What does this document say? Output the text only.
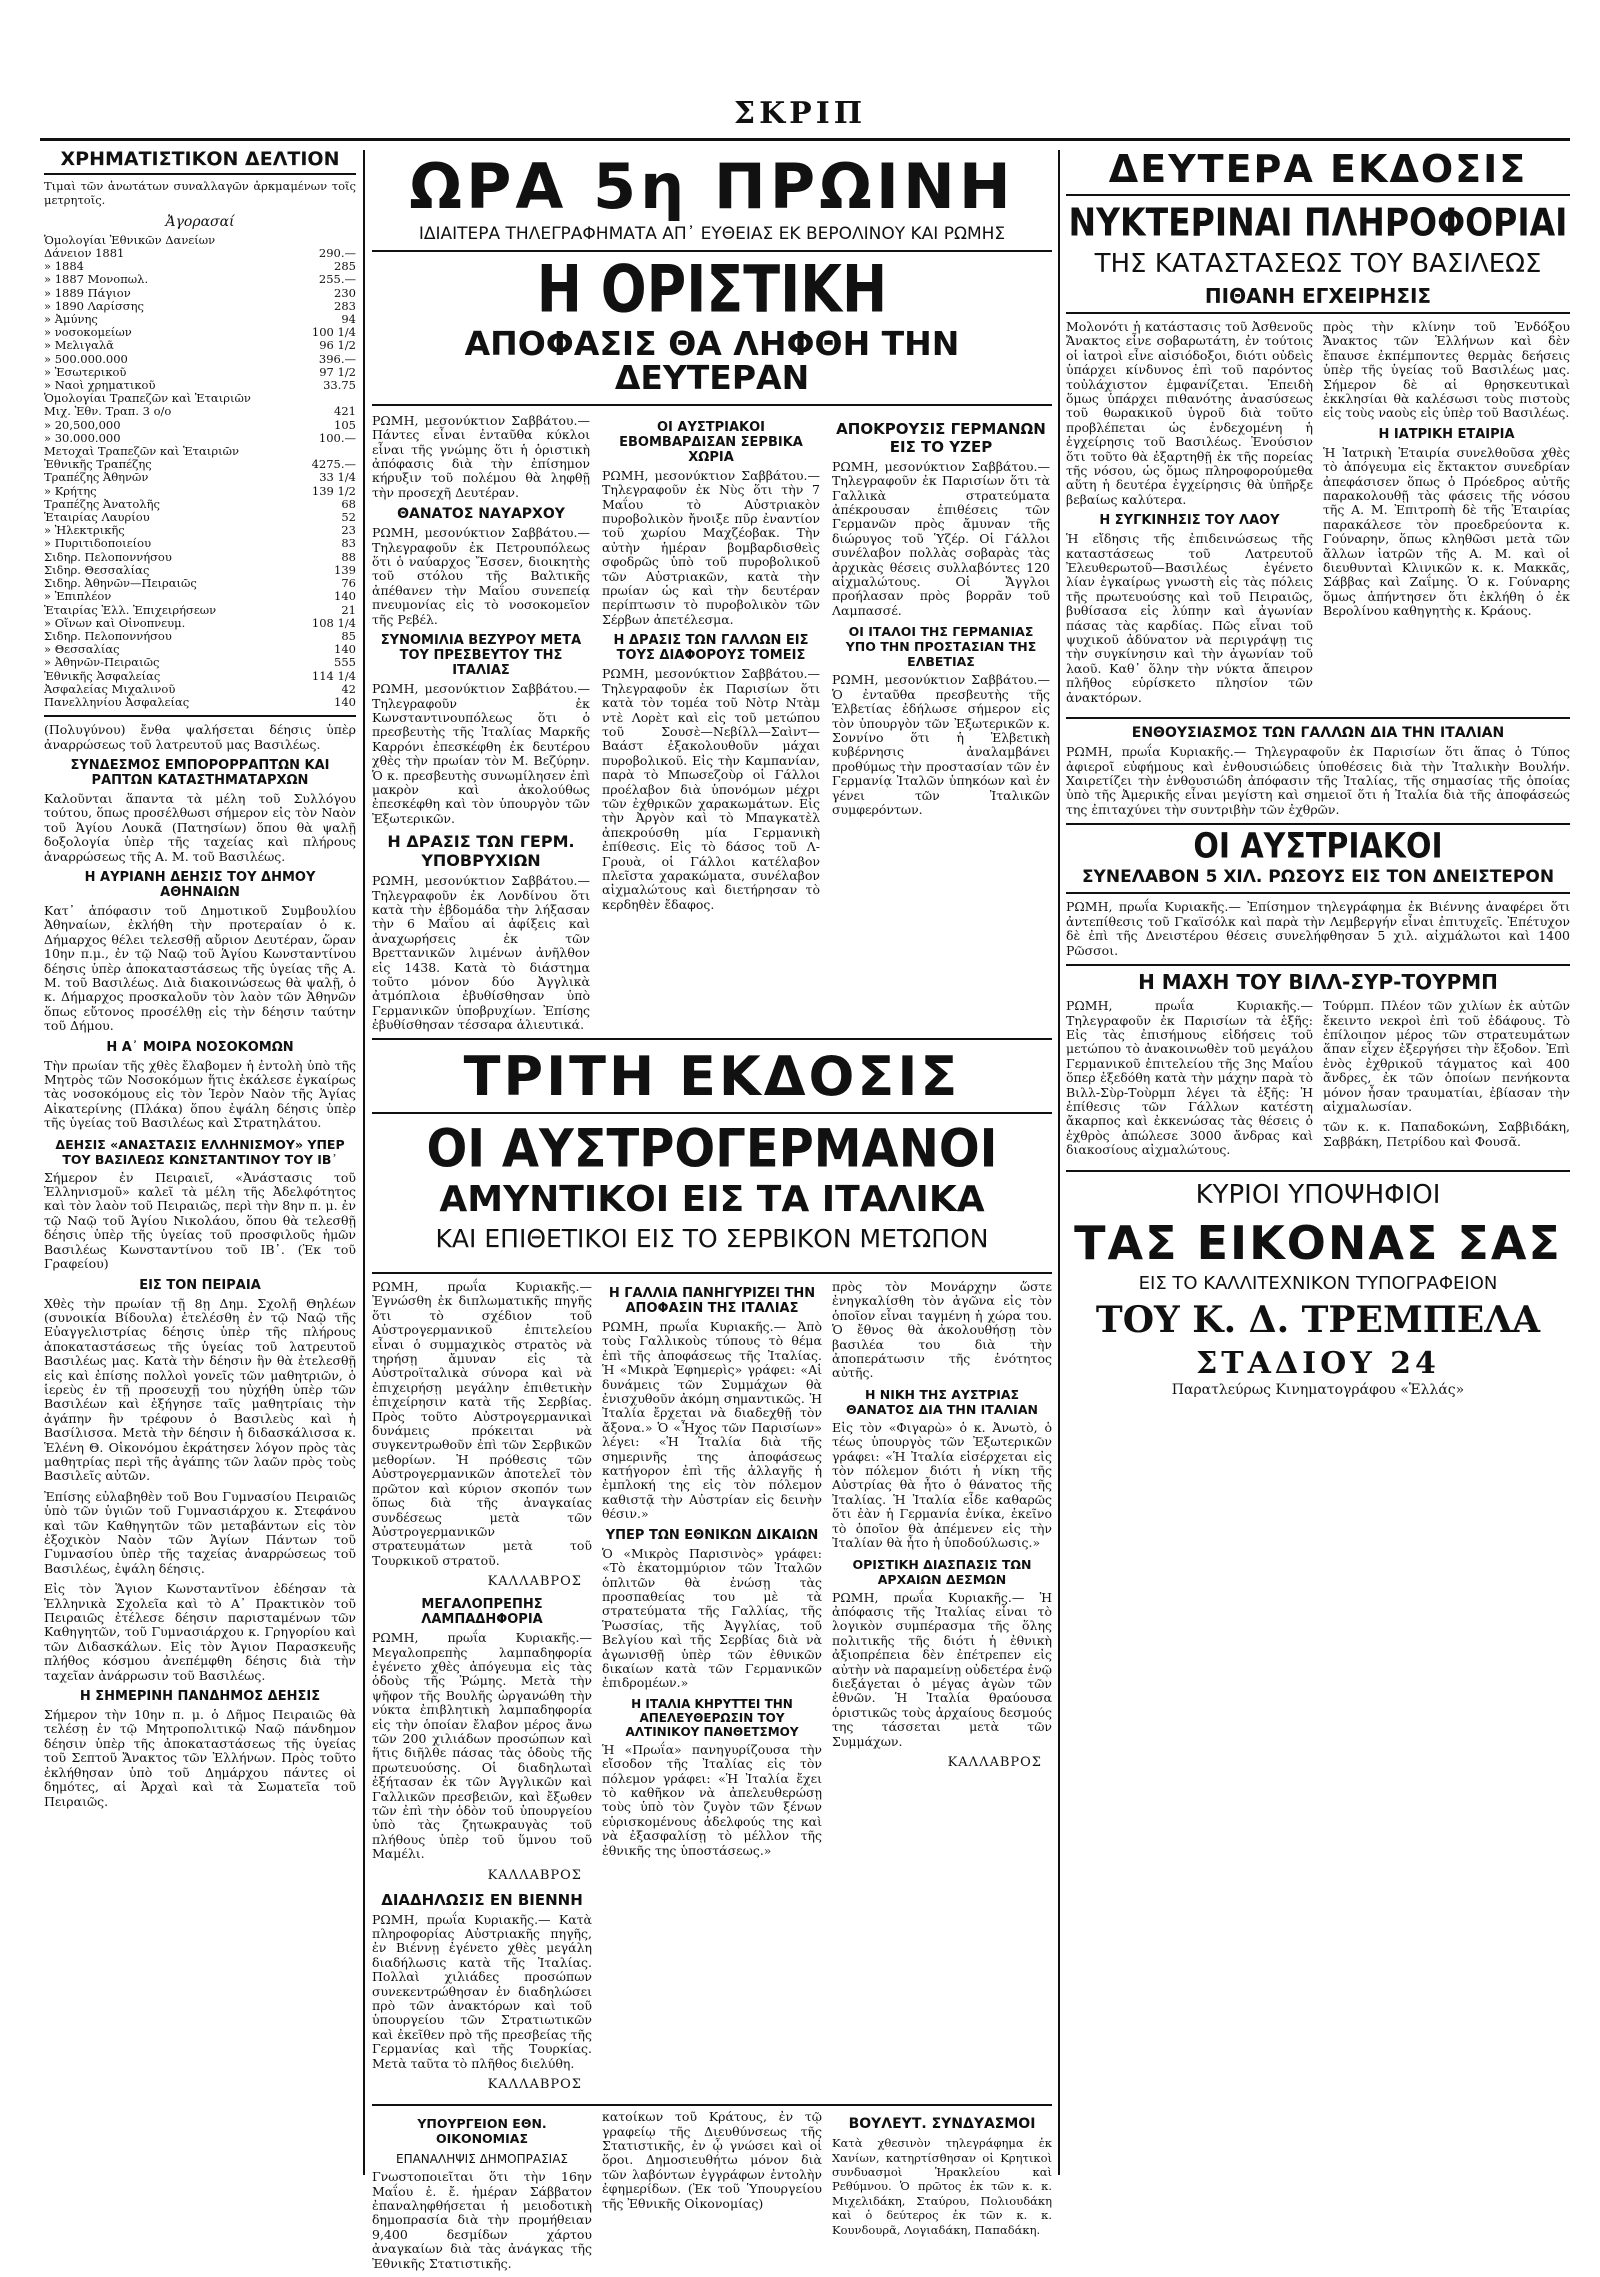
ΣΚΡΙΠ
ΧΡΗΜΑΤΙΣΤΙΚΟΝ ΔΕΛΤΙΟΝ

Τιμαὶ τῶν ἀνωτάτων συναλλαγῶν ἀρκμαμένων τοῖς μετρητοῖς.

Ἀγορασαί
Ὁμολογίαι Ἐθνικῶν Δανείων
Δάνειον 1881	290.—
» 1884	285
» 1887 Μονοπωλ.	255.—
» 1889 Πάγιον	230
» 1890 Λαρίσσης	283
» Ἀμύνης	94
» νοσοκομείων	100 1/4
» Μελιγαλᾶ	96 1/2
» 500.000.000	396.—
» Ἐσωτερικοῦ	97 1/2
» Ναοὶ χρηματικοῦ	33.75
Ὁμολογίαι Τραπεζῶν καὶ Ἑταιριῶν
Μιχ. Ἐθν. Τραπ. 3 ο/ο	421
» 20,500,000	105
» 30.000.000	100.—
Μετοχαὶ Τραπεζῶν καὶ Ἑταιριῶν
Ἐθνικῆς Τραπέζης	4275.—
Τραπέζης Ἀθηνῶν	33 1/4
» Κρήτης	139 1/2
Τραπέζης Ἀνατολῆς	68
Ἑταιρίας Λαυρίου	52
» Ἠλεκτρικῆς	23
» Πυριτιδοποιείου	83
Σιδηρ. Πελοποννήσου	88
Σιδηρ. Θεσσαλίας	139
Σιδηρ. Ἀθηνῶν—Πειραιῶς	76
» Ἐπιπλέον	140
Ἑταιρίας Ἑλλ. Ἐπιχειρήσεων	21
» Οἴνων καὶ Οἰνοπνευμ.	108 1/4
Σιδηρ. Πελοποννήσου	85
» Θεσσαλίας	140
» Ἀθηνῶν-Πειραιῶς	555
Ἐθνικῆς Ἀσφαλείας	114 1/4
Ἀσφαλείας Μιχαλινοῦ	42
Πανελληνίου Ἀσφαλείας	140

(Πολυγύνου) ἔνθα ψαλήσεται δέησις ὑπὲρ ἀναρρώσεως τοῦ λατρευτοῦ μας Βασιλέως.

ΣΥΝΔΕΣΜΟΣ ΕΜΠΟΡΟΡΡΑΠΤΩΝ ΚΑΙ ΡΑΠΤΩΝ ΚΑΤΑΣΤΗΜΑΤΑΡΧΩΝ

Καλοῦνται ἅπαντα τὰ μέλη τοῦ Συλλόγου τούτου, ὅπως προσέλθωσι σήμερον εἰς τὸν Ναὸν τοῦ Ἁγίου Λουκᾶ (Πατησίων) ὅπου θὰ ψαλῇ δοξολογία ὑπὲρ τῆς ταχείας καὶ πλήρους ἀναρρώσεως τῆς Α. Μ. τοῦ Βασιλέως.

Η ΑΥΡΙΑΝΗ ΔΕΗΣΙΣ ΤΟΥ ΔΗΜΟΥ ΑΘΗΝΑΙΩΝ

Κατ᾽ ἀπόφασιν τοῦ Δημοτικοῦ Συμβουλίου Ἀθηναίων, ἐκλήθη τὴν προτεραίαν ὁ κ. Δήμαρχος θέλει τελεσθῇ αὔριον Δευτέραν, ὥραν 10ην π.μ., ἐν τῷ Ναῷ τοῦ Ἁγίου Κωνσταντίνου δέησις ὑπὲρ ἀποκαταστάσεως τῆς ὑγείας τῆς Α. Μ. τοῦ Βασιλέως. Διὰ διακοινώσεως θὰ ψαλῇ, ὁ κ. Δήμαρχος προσκαλοῦν τὸν λαὸν τῶν Ἀθηνῶν ὅπως εὔτονος προσέλθῃ εἰς τὴν δέησιν ταύτην τοῦ Δήμου.

Η Α᾽ ΜΟΙΡΑ ΝΟΣΟΚΟΜΩΝ

Τὴν πρωίαν τῆς χθὲς ἔλαβομεν ἡ ἐντολὴ ὑπὸ τῆς Μητρὸς τῶν Νοσοκόμων ἥτις ἐκάλεσε ἐγκαίρως τὰς νοσοκόμους εἰς τὸν Ἱερὸν Ναὸν τῆς Ἁγίας Αἰκατερίνης (Πλάκα) ὅπου ἐψάλη δέησις ὑπὲρ τῆς ὑγείας τοῦ Βασιλέως καὶ Στρατηλάτου.

ΔΕΗΣΙΣ «ΑΝΑΣΤΑΣΙΣ ΕΛΛΗΝΙΣΜΟΥ» ΥΠΕΡ ΤΟΥ ΒΑΣΙΛΕΩΣ ΚΩΝΣΤΑΝΤΙΝΟΥ ΤΟΥ ΙΒ᾽

Σήμερον ἐν Πειραιεῖ, «Ἀνάστασις τοῦ Ἑλληνισμοῦ» καλεῖ τὰ μέλη τῆς Ἀδελφότητος καὶ τὸν λαὸν τοῦ Πειραιῶς, περὶ τὴν 8ην π. μ. ἐν τῷ Ναῷ τοῦ Ἁγίου Νικολάου, ὅπου θὰ τελεσθῇ δέησις ὑπὲρ τῆς ὑγείας τοῦ προσφιλοῦς ἡμῶν Βασιλέως Κωνσταντίνου τοῦ ΙΒ᾽. (Ἐκ τοῦ Γραφείου)

ΕΙΣ ΤΟΝ ΠΕΙΡΑΙΑ

Χθὲς τὴν πρωίαν τῇ 8ῃ Δημ. Σχολῇ Θηλέων (συνοικία Βίδουλα) ἐτελέσθη ἐν τῷ Ναῷ τῆς Εὐαγγελιστρίας δέησις ὑπὲρ τῆς πλήρους ἀποκαταστάσεως τῆς ὑγείας τοῦ λατρευτοῦ Βασιλέως μας. Κατὰ τὴν δέησιν ἣν θὰ ἐτελεσθῇ εἰς καὶ ἐπίσης πολλοὶ γονεῖς τῶν μαθητριῶν, ὁ ἱερεὺς ἐν τῇ προσευχῇ του ηὐχήθη ὑπὲρ τῶν Βασιλέων καὶ ἐξήγησε ταῖς μαθητρίαις τὴν ἀγάπην ἣν τρέφουν ὁ Βασιλεὺς καὶ ἡ Βασίλισσα. Μετὰ τὴν δέησιν ἡ διδασκάλισσα κ. Ἑλένη Θ. Οἰκονόμου ἐκράτησεν λόγον πρὸς τὰς μαθητρίας περὶ τῆς ἀγάπης τῶν λαῶν πρὸς τοὺς Βασιλεῖς αὐτῶν.

Ἐπίσης εὐλαβηθὲν τοῦ Βου Γυμνασίου Πειραιῶς ὑπὸ τῶν ὑγιῶν τοῦ Γυμνασιάρχου κ. Στεφάνου καὶ τῶν Καθηγητῶν τῶν μεταβάντων εἰς τὸν ἐξοχικὸν Ναὸν τῶν Ἁγίων Πάντων τοῦ Γυμνασίου ὑπὲρ τῆς ταχείας ἀναρρώσεως τοῦ Βασιλέως, ἐψάλη δέησις.

Εἰς τὸν Ἅγιον Κωνσταντῖνον ἐδέησαν τὰ Ἑλληνικὰ Σχολεῖα καὶ τὸ Α᾽ Πρακτικὸν τοῦ Πειραιῶς ἐτέλεσε δέησιν παρισταμένων τῶν Καθηγητῶν, τοῦ Γυμνασιάρχου κ. Γρηγορίου καὶ τῶν Διδασκάλων. Εἰς τὸν Ἀγιον Παρασκευῆς πλήθος κόσμου ἀνεπέμφθη δέησις διὰ τὴν ταχεῖαν ἀνάρρωσιν τοῦ Βασιλέως.

Η ΣΗΜΕΡΙΝΗ ΠΑΝΔΗΜΟΣ ΔΕΗΣΙΣ

Σήμερον τὴν 10ην π. μ. ὁ Δῆμος Πειραιῶς θὰ τελέσῃ ἐν τῷ Μητροπολιτικῷ Ναῷ πάνδημον δέησιν ὑπὲρ τῆς ἀποκαταστάσεως τῆς ὑγείας τοῦ Σεπτοῦ Ἄνακτος τῶν Ἑλλήνων. Πρὸς τοῦτο ἐκλήθησαν ὑπὸ τοῦ Δημάρχου πάντες οἱ δημότες, αἱ Ἀρχαὶ καὶ τὰ Σωματεῖα τοῦ Πειραιῶς.

ΩΡΑ 5η ΠΡΩΙΝΗ
ΙΔΙΑΙΤΕΡΑ ΤΗΛΕΓΡΑΦΗΜΑΤΑ ΑΠ᾽ ΕΥΘΕΙΑΣ ΕΚ ΒΕΡΟΛΙΝΟΥ ΚΑΙ ΡΩΜΗΣ
Η ΟΡΙΣΤΙΚΗ
ΑΠΟΦΑΣΙΣ ΘΑ ΛΗΦΘΗ ΤΗΝ ΔΕΥΤΕΡΑΝ

ΡΩΜΗ, μεσονύκτιον Σαββάτου.— Πάντες εἶναι ἐνταῦθα κύκλοι εἶναι τῆς γνώμης ὅτι ἡ ὁριστικὴ ἀπόφασις διὰ τὴν ἐπίσημον κήρυξιν τοῦ πολέμου θὰ ληφθῇ τὴν προσεχῆ Δευτέραν.

ΘΑΝΑΤΟΣ ΝΑΥΑΡΧΟΥ

ΡΩΜΗ, μεσονύκτιον Σαββάτου.— Τηλεγραφοῦν ἐκ Πετρουπόλεως ὅτι ὁ ναύαρχος Ἔσσεν, διοικητὴς τοῦ στόλου τῆς Βαλτικῆς ἀπέθανεν τὴν Μαΐου συνεπείᾳ πνευμονίας εἰς τὸ νοσοκομεῖον τῆς Ρεβέλ.

ΣΥΝΟΜΙΛΙΑ ΒΕΖΥΡΟΥ ΜΕΤΑ ΤΟΥ ΠΡΕΣΒΕΥΤΟΥ ΤΗΣ ΙΤΑΛΙΑΣ

ΡΩΜΗ, μεσονύκτιον Σαββάτου.— Τηλεγραφοῦν ἐκ Κωνσταντινουπόλεως ὅτι ὁ πρεσβευτὴς τῆς Ἰταλίας Μαρκῆς Καρρόνι ἐπεσκέφθη ἐκ δευτέρου χθὲς τὴν πρωίαν τὸν Μ. Βεζύρην. Ὁ κ. πρεσβευτὴς συνωμίλησεν ἐπὶ μακρὸν καὶ ἀκολούθως ἐπεσκέφθη καὶ τὸν ὑπουργὸν τῶν Ἐξωτερικῶν.

Η ΔΡΑΣΙΣ ΤΩΝ ΓΕΡΜ. ΥΠΟΒΡΥΧΙΩΝ

ΡΩΜΗ, μεσονύκτιον Σαββάτου.— Τηλεγραφοῦν ἐκ Λονδίνου ὅτι κατὰ τὴν ἑβδομάδα τὴν λήξασαν τὴν 6 Μαΐου αἱ ἀφίξεις καὶ ἀναχωρήσεις ἐκ τῶν Βρεττανικῶν λιμένων ἀνῆλθον εἰς 1438. Κατὰ τὸ διάστημα τοῦτο μόνον δύο Ἀγγλικὰ ἀτμόπλοια ἐβυθίσθησαν ὑπὸ Γερμανικῶν ὑποβρυχίων. Ἐπίσης ἐβυθίσθησαν τέσσαρα ἁλιευτικά.

ΟΙ ΑΥΣΤΡΙΑΚΟΙ ΕΒΟΜΒΑΡΔΙΣΑΝ ΣΕΡΒΙΚΑ ΧΩΡΙΑ

ΡΩΜΗ, μεσονύκτιον Σαββάτου.— Τηλεγραφοῦν ἐκ Νὺς ὅτι τὴν 7 Μαΐου τὸ Αὐστριακὸν πυροβολικὸν ἤνοιξε πῦρ ἐναντίον τοῦ χωρίου Μαχζέοβακ. Τὴν αὐτὴν ἡμέραν βομβαρδισθεὶς σφοδρῶς ὑπὸ τοῦ πυροβολικοῦ τῶν Αὐστριακῶν, κατὰ τὴν πρωίαν ὡς καὶ τὴν δευτέραν περίπτωσιν τὸ πυροβολικὸν τῶν Σέρβων ἀπετέλεσμα.

Η ΔΡΑΣΙΣ ΤΩΝ ΓΑΛΛΩΝ ΕΙΣ ΤΟΥΣ ΔΙΑΦΟΡΟΥΣ ΤΟΜΕΙΣ

ΡΩΜΗ, μεσονύκτιον Σαββάτου.— Τηλεγραφοῦν ἐκ Παρισίων ὅτι κατὰ τὸν τομέα τοῦ Νὸτρ Ντὰμ ντὲ Λορὲτ καὶ εἰς τοῦ μετώπου τοῦ Σουσὲ—Νεβίλλ—Σαὶντ—Βαάστ ἐξακολουθοῦν μάχαι πυροβολικοῦ. Εἰς τὴν Καμπανίαν, παρὰ τὸ Μπωσεζοὺρ οἱ Γάλλοι προέλαβον διὰ ὑπονόμων μέχρι τῶν ἐχθρικῶν χαρακωμάτων. Εἰς τὴν Ἀργὸν καὶ τὸ Μπαγκατὲλ ἀπεκρούσθη μία Γερμανικὴ ἐπίθεσις. Εἰς τὸ δάσος τοῦ Λ-Γρουὰ, οἱ Γάλλοι κατέλαβον πλεῖστα χαρακώματα, συνέλαβον αἰχμαλώτους καὶ διετήρησαν τὸ κερδηθὲν ἔδαφος.

ΑΠΟΚΡΟΥΣΙΣ ΓΕΡΜΑΝΩΝ ΕΙΣ ΤΟ ΥΖΕΡ

ΡΩΜΗ, μεσονύκτιον Σαββάτου.— Τηλεγραφοῦν ἐκ Παρισίων ὅτι τὰ Γαλλικὰ στρατεύματα ἀπέκρουσαν ἐπιθέσεις τῶν Γερμανῶν πρὸς ἄμυναν τῆς διώρυγος τοῦ Ὑζέρ. Οἱ Γάλλοι συνέλαβον πολλὰς σοβαρὰς τὰς ἀρχικὰς θέσεις συλλαβόντες 120 αἰχμαλώτους. Οἱ Ἄγγλοι προήλασαν πρὸς βορρᾶν τοῦ Λαμπασσέ.

ΟΙ ΙΤΑΛΟΙ ΤΗΣ ΓΕΡΜΑΝΙΑΣ ΥΠΟ ΤΗΝ ΠΡΟΣΤΑΣΙΑΝ ΤΗΣ ΕΛΒΕΤΙΑΣ

ΡΩΜΗ, μεσονύκτιον Σαββάτου.— Ὁ ἐνταῦθα πρεσβευτὴς τῆς Ἑλβετίας ἐδήλωσε σήμερον εἰς τὸν ὑπουργὸν τῶν Ἐξωτερικῶν κ. Σοννίνο ὅτι ἡ Ἑλβετικὴ κυβέρνησις ἀναλαμβάνει προθύμως τὴν προστασίαν τῶν ἐν Γερμανίᾳ Ἰταλῶν ὑπηκόων καὶ ἐν γένει τῶν Ἰταλικῶν συμφερόντων.

ΤΡΙΤΗ ΕΚΔΟΣΙΣ
ΟΙ ΑΥΣΤΡΟΓΕΡΜΑΝΟΙ
ΑΜΥΝΤΙΚΟΙ ΕΙΣ ΤΑ ΙΤΑΛΙΚΑ
ΚΑΙ ΕΠΙΘΕΤΙΚΟΙ ΕΙΣ ΤΟ ΣΕΡΒΙΚΟΝ ΜΕΤΩΠΟΝ

ΡΩΜΗ, πρωΐα Κυριακῆς.— Ἐγνώσθη ἐκ διπλωματικῆς πηγῆς ὅτι τὸ σχέδιον τοῦ Αὐστρογερμανικοῦ ἐπιτελείου εἶναι ὁ συμμαχικὸς στρατὸς νὰ τηρήσῃ ἄμυναν εἰς τὰ Αὐστροϊταλικὰ σύνορα καὶ νὰ ἐπιχειρήσῃ μεγάλην ἐπιθετικὴν ἐπιχείρησιν κατὰ τῆς Σερβίας. Πρὸς τοῦτο Αὐστρογερμανικαὶ δυνάμεις πρόκειται νὰ συγκεντρωθοῦν ἐπὶ τῶν Σερβικῶν μεθορίων. Ἡ πρόθεσις τῶν Αὐστρογερμανικῶν ἀποτελεῖ τὸν πρῶτον καὶ κύριον σκοπόν των ὅπως διὰ τῆς ἀναγκαίας συνδέσεως μετὰ τῶν Ἀὐστρογερμανικῶν στρατευμάτων μετὰ τοῦ Τουρκικοῦ στρατοῦ.

ΚΑΛΛΑΒΡΟΣ
ΜΕΓΑΛΟΠΡΕΠΗΣ ΛΑΜΠΑΔΗΦΟΡΙΑ

ΡΩΜΗ, πρωΐα Κυριακῆς.— Μεγαλοπρεπὴς λαμπαδηφορία ἐγένετο χθὲς ἀπόγευμα εἰς τὰς ὁδοὺς τῆς Ῥώμης. Μετὰ τὴν ψῆφον τῆς Βουλῆς ὠργανώθη τὴν νύκτα ἐπιβλητικὴ λαμπαδηφορία εἰς τὴν ὁποίαν ἔλαβον μέρος ἄνω τῶν 200 χιλιάδων προσώπων καὶ ἥτις διῆλθε πάσας τὰς ὁδοὺς τῆς πρωτευούσης. Οἱ διαδηλωταὶ ἐξήτασαν ἐκ τῶν Ἀγγλικῶν καὶ Γαλλικῶν πρεσβειῶν, καὶ ἔξωθεν τῶν ἐπὶ τὴν ὁδὸν τοῦ ὑπουργείου ὑπὸ τὰς ζητωκραυγὰς τοῦ πλήθους ὑπὲρ τοῦ ὕμνου τοῦ Μαμέλι.

ΚΑΛΛΑΒΡΟΣ
ΔΙΑΔΗΛΩΣΙΣ ΕΝ ΒΙΕΝΝΗ

ΡΩΜΗ, πρωΐα Κυριακῆς.— Κατὰ πληροφορίας Αὐστριακῆς πηγῆς, ἐν Βιέννῃ ἐγένετο χθὲς μεγάλη διαδήλωσις κατὰ τῆς Ἰταλίας. Πολλαὶ χιλιάδες προσώπων συνεκεντρώθησαν ἐν διαδηλώσει πρὸ τῶν ἀνακτόρων καὶ τοῦ ὑπουργείου τῶν Στρατιωτικῶν καὶ ἐκεῖθεν πρὸ τῆς πρεσβείας τῆς Γερμανίας καὶ τῆς Τουρκίας. Μετὰ ταῦτα τὸ πλῆθος διελύθη.

ΚΑΛΛΑΒΡΟΣ
Η ΓΑΛΛΙΑ ΠΑΝΗΓΥΡΙΖΕΙ ΤΗΝ ΑΠΟΦΑΣΙΝ ΤΗΣ ΙΤΑΛΙΑΣ

ΡΩΜΗ, πρωΐα Κυριακῆς.— Ἀπὸ τοὺς Γαλλικοὺς τύπους τὸ θέμα ἐπὶ τῆς ἀποφάσεως τῆς Ἰταλίας. Ἡ «Μικρὰ Ἐφημερὶς» γράφει: «Αἱ δυνάμεις τῶν Συμμάχων θὰ ἐνισχυθοῦν ἀκόμη σημαντικῶς. Ἡ Ἰταλία ἔρχεται νὰ διαδεχθῇ τὸν ἄξονα.» Ὁ «Ἦχος τῶν Παρισίων» λέγει: «Ἡ Ἰταλία διὰ τῆς σημερινῆς της ἀποφάσεως κατήγορον ἐπὶ τῆς ἀλλαγῆς ἡ ἐμπλοκή της εἰς τὸν πόλεμον καθιστᾷ τὴν Αὐστρίαν εἰς δεινὴν θέσιν.»

ΥΠΕΡ ΤΩΝ ΕΘΝΙΚΩΝ ΔΙΚΑΙΩΝ

Ὁ «Μικρὸς Παρισινὸς» γράφει: «Τὸ ἐκατομμύριον τῶν Ἰταλῶν ὁπλιτῶν θὰ ἐνώσῃ τὰς προσπαθείας του μὲ τὰ στρατεύματα τῆς Γαλλίας, τῆς Ῥωσσίας, τῆς Ἀγγλίας, τοῦ Βελγίου καὶ τῆς Σερβίας διὰ νὰ ἀγωνισθῇ ὑπὲρ τῶν ἐθνικῶν δικαίων κατὰ τῶν Γερμανικῶν ἐπιδρομέων.»

Η ΙΤΑΛΙΑ ΚΗΡΥΤΤΕΙ ΤΗΝ ΑΠΕΛΕΥΘΕΡΩΣΙΝ ΤΟΥ ΑΛΤΙΝΙΚΟΥ ΠΑΝΘΕΤΣΜΟΥ

Ἡ «Πρωΐα» πανηγυρίζουσα τὴν εἴσοδον τῆς Ἰταλίας εἰς τὸν πόλεμον γράφει: «Ἡ Ἰταλία ἔχει τὸ καθῆκον νὰ ἀπελευθερώσῃ τοὺς ὑπὸ τὸν ζυγὸν τῶν ξένων εὑρισκομένους ἀδελφούς της καὶ νὰ ἐξασφαλίσῃ τὸ μέλλον τῆς ἐθνικῆς της ὑποστάσεως.»

πρὸς τὸν Μονάρχην ὥστε ἐνηγκαλίσθη τὸν ἀγῶνα εἰς τὸν ὁποῖον εἶναι ταγμένη ἡ χώρα του. Ὁ ἔθνος θὰ ἀκολουθήσῃ τὸν βασιλέα του διὰ τὴν ἀποπεράτωσιν τῆς ἑνότητος αὐτῆς.

Η ΝΙΚΗ ΤΗΣ ΑΥΣΤΡΙΑΣ ΘΑΝΑΤΟΣ ΔΙΑ ΤΗΝ ΙΤΑΛΙΑΝ

Εἰς τὸν «Φιγαρὼ» ὁ κ. Ἀνωτὸ, ὁ τέως ὑπουργὸς τῶν Ἐξωτερικῶν γράφει: «Ἡ Ἰταλία εἰσέρχεται εἰς τὸν πόλεμον διότι ἡ νίκη τῆς Αὐστρίας θὰ ἦτο ὁ θάνατος τῆς Ἰταλίας. Ἡ Ἰταλία εἶδε καθαρῶς ὅτι ἐὰν ἡ Γερμανία ἐνίκα, ἐκεῖνο τὸ ὁποῖον θὰ ἀπέμενεν εἰς τὴν Ἰταλίαν θὰ ἦτο ἡ ὑποδούλωσις.»

ΟΡΙΣΤΙΚΗ ΔΙΑΣΠΑΣΙΣ ΤΩΝ ΑΡΧΑΙΩΝ ΔΕΣΜΩΝ

ΡΩΜΗ, πρωΐα Κυριακῆς.— Ἡ ἀπόφασις τῆς Ἰταλίας εἶναι τὸ λογικὸν συμπέρασμα τῆς ὅλης πολιτικῆς τῆς διότι ἡ ἐθνικὴ ἀξιοπρέπεια δὲν ἐπέτρεπεν εἰς αὐτὴν νὰ παραμείνῃ οὐδετέρα ἐνῷ διεξάγεται ὁ μέγας ἀγὼν τῶν ἐθνῶν. Ἡ Ἰταλία θραύουσα ὁριστικῶς τοὺς ἀρχαίους δεσμούς της τάσσεται μετὰ τῶν Συμμάχων.

ΚΑΛΛΑΒΡΟΣ
ΥΠΟΥΡΓΕΙΟΝ ΕΘΝ. ΟΙΚΟΝΟΜΙΑΣ
ΕΠΑΝΑΛΗΨΙΣ ΔΗΜΟΠΡΑΣΙΑΣ

Γνωστοποιεῖται ὅτι τὴν 16ην Μαΐου ἐ. ἔ. ἡμέραν Σάββατον ἐπαναληφθήσεται ἡ μειοδοτικὴ δημοπρασία διὰ τὴν προμήθειαν 9,400 δεσμίδων χάρτου ἀναγκαίων διὰ τὰς ἀνάγκας τῆς Ἐθνικῆς Στατιστικῆς.

κατοίκων τοῦ Κράτους, ἐν τῷ γραφείῳ τῆς Διευθύνσεως τῆς Στατιστικῆς, ἐν ᾧ γνώσει καὶ οἱ ὅροι. Δημοσιευθήτω μόνον διὰ τῶν λαβόντων ἐγγράφων ἐντολὴν ἐφημερίδων. (Ἐκ τοῦ Ὑπουργείου τῆς Ἐθνικῆς Οἰκονομίας)

ΒΟΥΛΕΥΤ. ΣΥΝΔΥΑΣΜΟΙ

Κατὰ χθεσινὸν τηλεγράφημα ἐκ Χανίων, κατηρτίσθησαν οἱ Κρητικοὶ συνδυασμοὶ Ἡρακλείου καὶ Ρεθύμνου. Ὁ πρῶτος ἐκ τῶν κ. κ. Μιχελιδάκη, Σταύρου, Πολιουδάκη καὶ ὁ δεύτερος ἐκ τῶν κ. κ. Κουνδουρᾶ, Λογιαδάκη, Παπαδάκη.

ΔΕΥΤΕΡΑ ΕΚΔΟΣΙΣ
ΝΥΚΤΕΡΙΝΑΙ ΠΛΗΡΟΦΟΡΙΑΙ
ΤΗΣ ΚΑΤΑΣΤΑΣΕΩΣ ΤΟΥ ΒΑΣΙΛΕΩΣ
ΠΙΘΑΝΗ ΕΓΧΕΙΡΗΣΙΣ

Μολονότι ἡ κατάστασις τοῦ Ἀσθενοῦς Ἄνακτος εἶνε σοβαρωτάτη, ἐν τούτοις οἱ ἰατροὶ εἶνε αἰσιόδοξοι, διότι οὐδεὶς ὑπάρχει κίνδυνος ἐπὶ τοῦ παρόντος τοὐλάχιστον ἐμφανίζεται. Ἐπειδὴ ὅμως ὑπάρχει πιθανότης ἀνασύσεως τοῦ θωρακικοῦ ὑγροῦ διὰ τοῦτο προβλέπεται ὡς ἐνδεχομένη ἡ ἐγχείρησις τοῦ Βασιλέως. Ἐνούσιον ὅτι τοῦτο θὰ ἐξαρτηθῇ ἐκ τῆς πορείας τῆς νόσου, ὡς ὅμως πληροφορούμεθα αὕτη ἡ δευτέρα ἐγχείρησις θὰ ὑπῆρξε βεβαίως καλύτερα.

Η ΣΥΓΚΙΝΗΣΙΣ ΤΟΥ ΛΑΟΥ

Ἡ εἴδησις τῆς ἐπιδεινώσεως τῆς καταστάσεως τοῦ Λατρευτοῦ Ἐλευθερωτοῦ—Βασιλέως ἐγένετο λίαν ἐγκαίρως γνωστὴ εἰς τὰς πόλεις τῆς πρωτευούσης καὶ τοῦ Πειραιῶς, βυθίσασα εἰς λύπην καὶ ἀγωνίαν πάσας τὰς καρδίας. Πῶς εἶναι τοῦ ψυχικοῦ ἀδύνατον νὰ περιγράψῃ τις τὴν συγκίνησιν καὶ τὴν ἀγωνίαν τοῦ λαοῦ. Καθ᾽ ὅλην τὴν νύκτα ἄπειρον πλῆθος εὑρίσκετο πλησίον τῶν ἀνακτόρων.

πρὸς τὴν κλίνην τοῦ Ἐνδόξου Ἄνακτος τῶν Ἑλλήνων καὶ δὲν ἔπαυσε ἐκπέμποντες θερμὰς δεήσεις ὑπὲρ τῆς ὑγείας τοῦ Βασιλέως μας. Σήμερον δὲ αἱ θρησκευτικαὶ ἐκκλησίαι θὰ καλέσωσι τοὺς πιστοὺς εἰς τοὺς ναοὺς εἰς ὑπὲρ τοῦ Βασιλέως.

Η ΙΑΤΡΙΚΗ ΕΤΑΙΡΙΑ

Ἡ Ἰατρικὴ Ἑταιρία συνελθοῦσα χθὲς τὸ ἀπόγευμα εἰς ἔκτακτον συνεδρίαν ἀπεφάσισεν ὅπως ὁ Πρόεδρος αὐτῆς παρακολουθῇ τὰς φάσεις τῆς νόσου τῆς Α. Μ. Ἐπιτροπὴ δὲ τῆς Ἑταιρίας παρακάλεσε τὸν προεδρεύοντα κ. Γούναρην, ὅπως κληθῶσι μετὰ τῶν ἄλλων ἰατρῶν τῆς Α. Μ. καὶ οἱ διευθυνταὶ Κλινικῶν κ. κ. Μακκᾶς, Σάββας καὶ Ζαΐμης. Ὁ κ. Γούναρης ὅμως ἀπήντησεν ὅτι ἐκλήθη ὁ ἐκ Βερολίνου καθηγητὴς κ. Κράους.

ΕΝΘΟΥΣΙΑΣΜΟΣ ΤΩΝ ΓΑΛΛΩΝ ΔΙΑ ΤΗΝ ΙΤΑΛΙΑΝ

ΡΩΜΗ, πρωΐα Κυριακῆς.— Τηλεγραφοῦν ἐκ Παρισίων ὅτι ἅπας ὁ Τύπος ἀφιεροῖ εὐφήμους καὶ ἐνθουσιώδεις ὑποθέσεις διὰ τὴν Ἰταλικὴν Βουλήν. Χαιρετίζει τὴν ἐνθουσιώδη ἀπόφασιν τῆς Ἰταλίας, τῆς σημασίας τῆς ὁποίας ὑπὸ τῆς Ἀμερικῆς εἶναι μεγίστη καὶ σημειοῖ ὅτι ἡ Ἰταλία διὰ τῆς ἀποφάσεώς της ἐπιταχύνει τὴν συντριβὴν τῶν ἐχθρῶν.

ΟΙ ΑΥΣΤΡΙΑΚΟΙ
ΣΥΝΕΛΑΒΟΝ 5 ΧΙΛ. ΡΩΣΟΥΣ ΕΙΣ ΤΟΝ ΔΝΕΙΣΤΕΡΟΝ

ΡΩΜΗ, πρωΐα Κυριακῆς.— Ἐπίσημον τηλεγράφημα ἐκ Βιέννης ἀναφέρει ὅτι ἀντεπίθεσις τοῦ Γκαϊσόλκ καὶ παρὰ τὴν Λεμβεργήν εἶναι ἐπιτυχεῖς. Ἐπέτυχον δὲ ἐπὶ τῆς Δνειστέρου θέσεις συνελήφθησαν 5 χιλ. αἰχμάλωτοι καὶ 1400 Ρῶσσοι.

Η ΜΑΧΗ ΤΟΥ ΒΙΛΛ-ΣΥΡ-ΤΟΥΡΜΠ

ΡΩΜΗ, πρωΐα Κυριακῆς.— Τηλεγραφοῦν ἐκ Παρισίων τὰ ἑξῆς: Εἰς τὰς ἐπισήμους εἰδήσεις τοῦ μετώπου τὸ ἀνακοινωθὲν τοῦ μεγάλου Γερμανικοῦ ἐπιτελείου τῆς 3ης Μαΐου ὅπερ ἐξεδόθη κατὰ τὴν μάχην παρὰ τὸ Βιλλ-Σὺρ-Τοὺρμπ λέγει τὰ ἑξῆς: Ἡ ἐπίθεσις τῶν Γάλλων κατέστη ἄκαρπος καὶ ἐκκενώσας τὰς θέσεις ὁ ἐχθρὸς ἀπώλεσε 3000 ἄνδρας καὶ διακοσίους αἰχμαλώτους.

Τούρμπ. Πλέον τῶν χιλίων ἐκ αὐτῶν ἔκειντο νεκροὶ ἐπὶ τοῦ ἐδάφους. Τὸ ἐπίλοιπον μέρος τῶν στρατευμάτων ἅπαν εἶχεν ἐξεργήσει τὴν ἔξοδον. Ἐπὶ ἑνὸς ἐχθρικοῦ τάγματος καὶ 400 ἄνδρες, ἐκ τῶν ὁποίων πενήκοντα μόνον ἦσαν τραυματίαι, ἐβίασαν τὴν αἰχμαλωσίαν.

τῶν κ. κ. Παπαδοκώνη, Σαββιδάκη, Σαββάκη, Πετρίδου καὶ Φουσᾶ.

ΚΥΡΙΟΙ ΥΠΟΨΗΦΙΟΙ
ΤΑΣ ΕΙΚΟΝΑΣ ΣΑΣ
ΕΙΣ ΤΟ ΚΑΛΛΙΤΕΧΝΙΚΟΝ ΤΥΠΟΓΡΑΦΕΙΟΝ
ΤΟΥ Κ. Δ. ΤΡΕΜΠΕΛΑ
ΣΤΑΔΙΟΥ 24
Παρατλεύρως Κινηματογράφου «Ἑλλάς»
